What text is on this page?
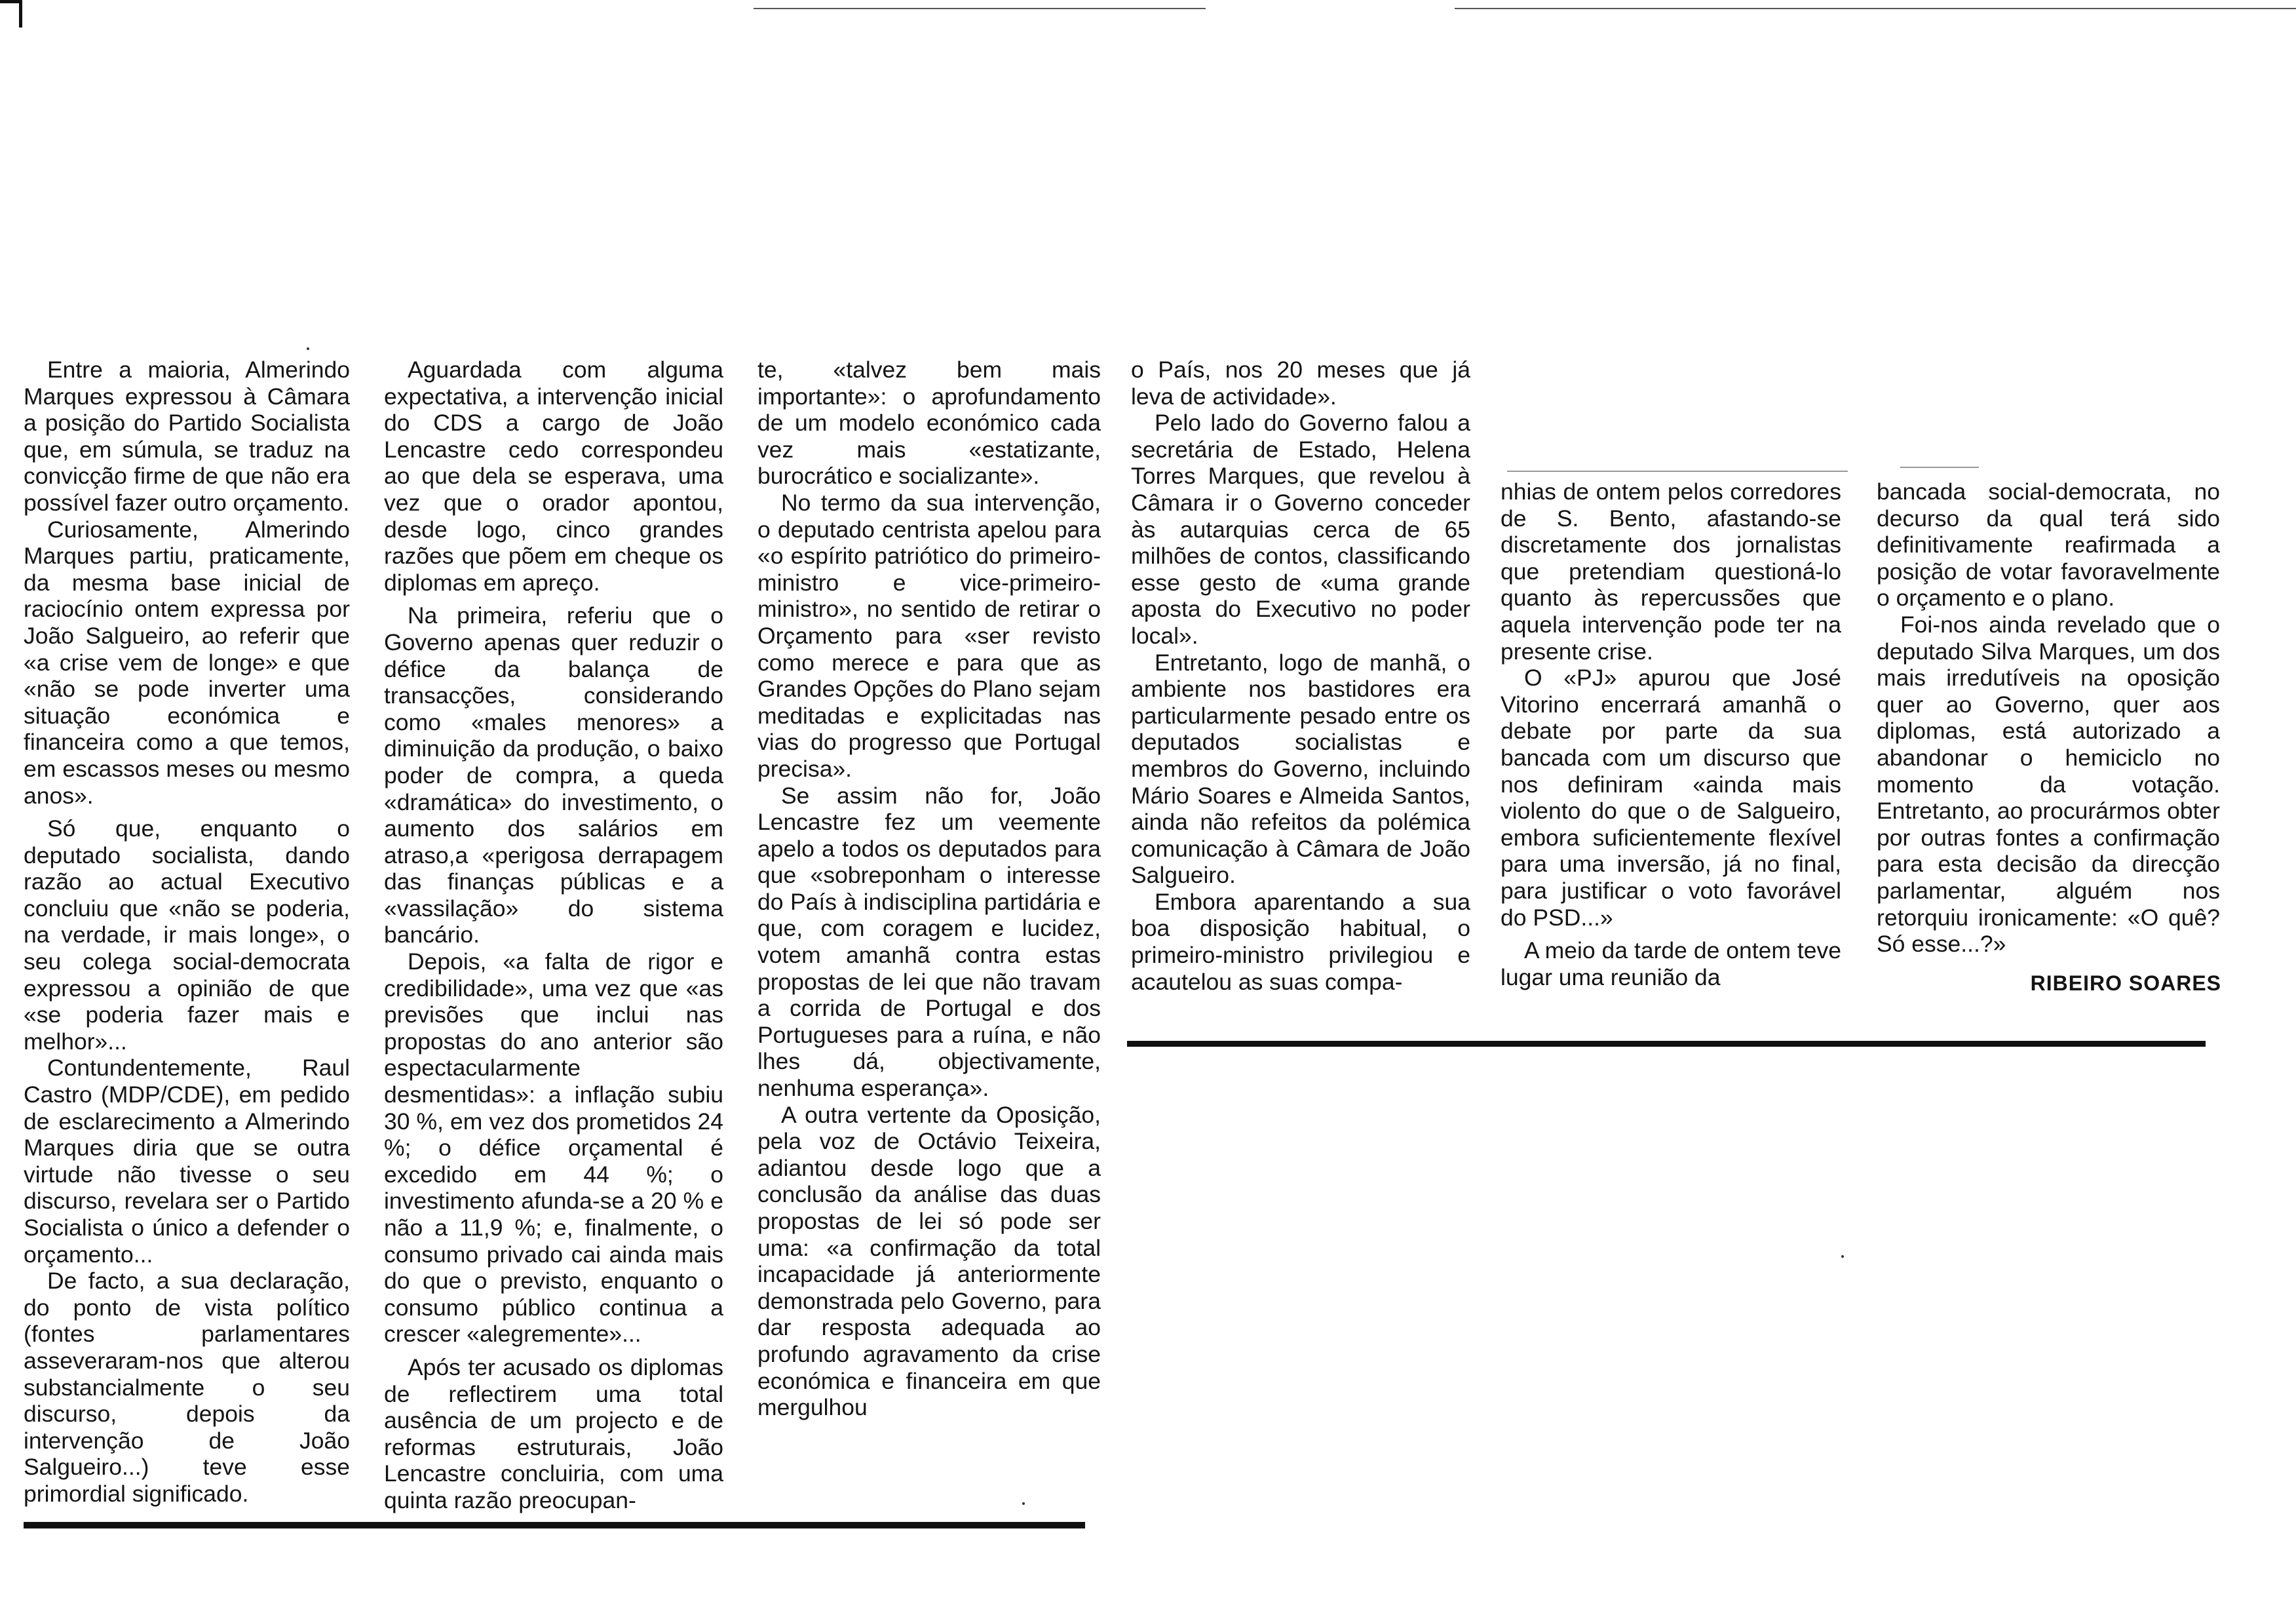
Entre a maioria, Almerindo Marques expressou à Câmara a posição do Partido Socialista que, em súmula, se traduz na convicção firme de que não era possível fazer outro orçamento.

Curiosamente, Almerindo Marques partiu, praticamente, da mesma base inicial de raciocínio ontem expressa por João Salgueiro, ao referir que «a crise vem de longe» e que «não se pode inverter uma situação económica e financeira como a que temos, em escassos meses ou mesmo anos».

Só que, enquanto o deputado socialista, dando razão ao actual Executivo concluiu que «não se poderia, na verdade, ir mais longe», o seu colega social-democrata expressou a opinião de que «se poderia fazer mais e melhor»...

Contundentemente, Raul Castro (MDP/CDE), em pedido de esclarecimento a Almerindo Marques diria que se outra virtude não tivesse o seu discurso, revelara ser o Partido Socialista o único a defender o orçamento...

De facto, a sua declaração, do ponto de vista político (fontes parlamentares asseveraram-nos que alterou substancialmente o seu discurso, depois da intervenção de João Salgueiro...) teve esse primordial significado.

Aguardada com alguma expectativa, a intervenção inicial do CDS a cargo de João Lencastre cedo correspondeu ao que dela se esperava, uma vez que o orador apontou, desde logo, cinco grandes razões que põem em cheque os diplomas em apreço.

Na primeira, referiu que o Governo apenas quer reduzir o défice da balança de transacções, considerando como «males menores» a diminuição da produção, o baixo poder de compra, a queda «dramática» do investimento, o aumento dos salários em atraso,a «perigosa derrapagem das finanças públicas e a «vassilação» do sistema bancário.

Depois, «a falta de rigor e credibilidade», uma vez que «as previsões que inclui nas propostas do ano anterior são espectacularmente desmentidas»: a inflação subiu 30 %, em vez dos prometidos 24 %; o défice orçamental é excedido em 44 %; o investimento afunda-se a 20 % e não a 11,9 %; e, finalmente, o consumo privado cai ainda mais do que o previsto, enquanto o consumo público continua a crescer «alegremente»...

Após ter acusado os diplomas de reflectirem uma total ausência de um projecto e de reformas estruturais, João Lencastre concluiria, com uma quinta razão preocupan-

te, «talvez bem mais importante»: o aprofundamento de um modelo económico cada vez mais «estatizante, burocrático e socializante».

No termo da sua intervenção, o deputado centrista apelou para «o espírito patriótico do primeiro-ministro e vice-primeiro-ministro», no sentido de retirar o Orçamento para «ser revisto como merece e para que as Grandes Opções do Plano sejam meditadas e explicitadas nas vias do progresso que Portugal precisa».

Se assim não for, João Lencastre fez um veemente apelo a todos os deputados para que «sobreponham o interesse do País à indisciplina partidária e que, com coragem e lucidez, votem amanhã contra estas propostas de lei que não travam a corrida de Portugal e dos Portugueses para a ruína, e não lhes dá, objectivamente, nenhuma esperança».

A outra vertente da Oposição, pela voz de Octávio Teixeira, adiantou desde logo que a conclusão da análise das duas propostas de lei só pode ser uma: «a confirmação da total incapacidade já anteriormente demonstrada pelo Governo, para dar resposta adequada ao profundo agravamento da crise económica e financeira em que mergulhou

o País, nos 20 meses que já leva de actividade».

Pelo lado do Governo falou a secretária de Estado, Helena Torres Marques, que revelou à Câmara ir o Governo conceder às autarquias cerca de 65 milhões de contos, classificando esse gesto de «uma grande aposta do Executivo no poder local».

Entretanto, logo de manhã, o ambiente nos bastidores era particularmente pesado entre os deputados socialistas e membros do Governo, incluindo Mário Soares e Almeida Santos, ainda não refeitos da polémica comunicação à Câmara de João Salgueiro.

Embora aparentando a sua boa disposição habitual, o primeiro-ministro privilegiou e acautelou as suas compa-

nhias de ontem pelos corredores de S. Bento, afastando-se discretamente dos jornalistas que pretendiam questioná-lo quanto às repercussões que aquela intervenção pode ter na presente crise.

O «PJ» apurou que José Vitorino encerrará amanhã o debate por parte da sua bancada com um discurso que nos definiram «ainda mais violento do que o de Salgueiro, embora suficientemente flexível para uma inversão, já no final, para justificar o voto favorável do PSD...»

A meio da tarde de ontem teve lugar uma reunião da

bancada social-democrata, no decurso da qual terá sido definitivamente reafirmada a posição de votar favoravelmente o orçamento e o plano.

Foi-nos ainda revelado que o deputado Silva Marques, um dos mais irredutíveis na oposição quer ao Governo, quer aos diplomas, está autorizado a abandonar o hemiciclo no momento da votação. Entretanto, ao procurármos obter por outras fontes a confirmação para esta decisão da direcção parlamentar, alguém nos retorquiu ironicamente: «O quê? Só esse...?»

RIBEIRO SOARES
